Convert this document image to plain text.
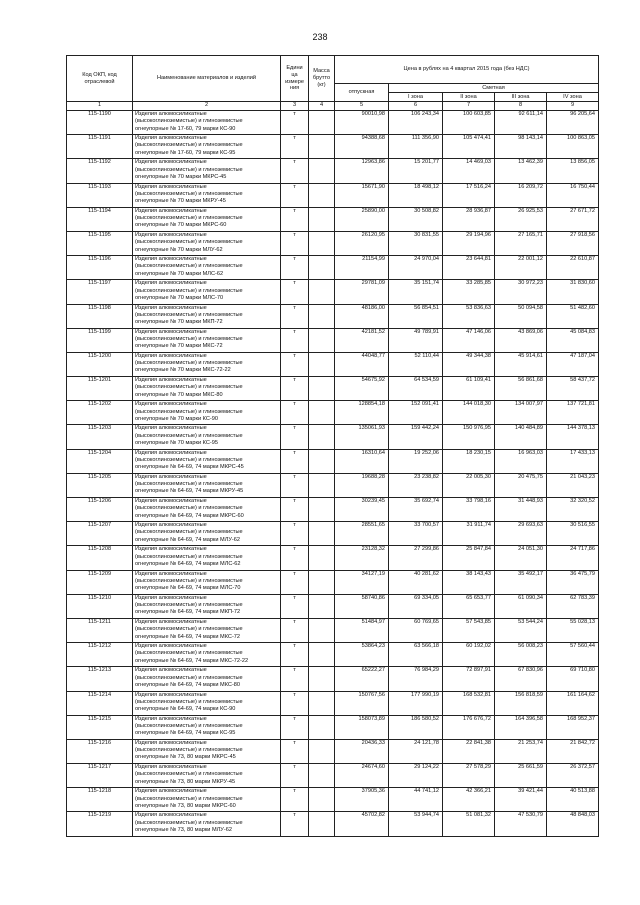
238
Код ОКП, код отраслевой	Наименование материалов и изделий	Едини ца измере ния	Масса брутто (кг)	Цена в рублях на 4 квартал 2015 года (без НДС)				
				отпускная	Сметная			
					I зона	II зона	III зона	IV зона
1	2	3	4	5	6	7	8	9
115-1190	Изделия алюмосиликатные
(высокоглиноземистые) и глиноземистые
огнеупорные № 17-60, 79 марки КС-90	т		90010,98	106 243,34	100 603,85	92 611,14	96 205,64
115-1191	Изделия алюмосиликатные
(высокоглиноземистые) и глиноземистые
огнеупорные № 17-60, 79 марки КС-95	т		94388,68	111 356,90	105 474,41	98 143,14	100 863,05
115-1192	Изделия алюмосиликатные
(высокоглиноземистые) и глиноземистые
огнеупорные № 70 марки МКРС-45	т		12963,86	15 201,77	14 469,03	13 462,39	13 856,05
115-1193	Изделия алюмосиликатные
(высокоглиноземистые) и глиноземистые
огнеупорные № 70 марки МКРУ-45	т		15671,90	18 498,12	17 516,24	16 209,72	16 750,44
115-1194	Изделия алюмосиликатные
(высокоглиноземистые) и глиноземистые
огнеупорные № 70 марки МКРС-60	т		25890,00	30 508,82	28 936,87	26 925,53	27 671,72
115-1195	Изделия алюмосиликатные
(высокоглиноземистые) и глиноземистые
огнеупорные № 70 марки МЛУ-62	т		26120,95	30 831,55	29 194,96	27 165,71	27 918,56
115-1196	Изделия алюмосиликатные
(высокоглиноземистые) и глиноземистые
огнеупорные № 70 марки МЛС-62	т		21154,99	24 970,04	23 644,81	22 001,12	22 610,87
115-1197	Изделия алюмосиликатные
(высокоглиноземистые) и глиноземистые
огнеупорные № 70 марки МЛС-70	т		29781,09	35 151,74	33 285,85	30 972,23	31 830,60
115-1198	Изделия алюмосиликатные
(высокоглиноземистые) и глиноземистые
огнеупорные № 70 марки МКП-72	т		48186,00	56 854,51	53 836,63	50 094,58	51 482,60
115-1199	Изделия алюмосиликатные
(высокоглиноземистые) и глиноземистые
огнеупорные № 70 марки МКС-72	т		42181,52	49 789,91	47 146,06	43 869,06	45 084,83
115-1200	Изделия алюмосиликатные
(высокоглиноземистые) и глиноземистые
огнеупорные № 70 марки МКС-72-22	т		44048,77	52 110,44	49 344,38	45 914,61	47 187,04
115-1201	Изделия алюмосиликатные
(высокоглиноземистые) и глиноземистые
огнеупорные № 70 марки МКС-80	т		54675,92	64 534,59	61 109,41	56 861,68	58 437,72
115-1202	Изделия алюмосиликатные
(высокоглиноземистые) и глиноземистые
огнеупорные № 70 марки КС-90	т		128854,18	152 091,41	144 018,30	134 007,97	137 721,81
115-1203	Изделия алюмосиликатные
(высокоглиноземистые) и глиноземистые
огнеупорные № 70 марки КС-95	т		135061,93	159 442,24	150 976,95	140 484,89	144 378,13
115-1204	Изделия алюмосиликатные
(высокоглиноземистые) и глиноземистые
огнеупорные № 64-69, 74 марки МКРС-45	т		16310,64	19 252,06	18 230,15	16 963,03	17 433,13
115-1205	Изделия алюмосиликатные
(высокоглиноземистые) и глиноземистые
огнеупорные № 64-69, 74 марки МКРУ-45	т		19688,28	23 238,82	22 005,30	20 475,75	21 043,23
115-1206	Изделия алюмосиликатные
(высокоглиноземистые) и глиноземистые
огнеупорные № 64-69, 74 марки МКРС-60	т		30239,45	35 692,74	33 798,16	31 448,93	32 320,52
115-1207	Изделия алюмосиликатные
(высокоглиноземистые) и глиноземистые
огнеупорные № 64-69, 74 марки МЛУ-62	т		28551,65	33 700,57	31 911,74	29 693,63	30 516,55
115-1208	Изделия алюмосиликатные
(высокоглиноземистые) и глиноземистые
огнеупорные № 64-69, 74 марки МЛС-62	т		23128,32	27 299,86	25 847,84	24 051,30	24 717,86
115-1209	Изделия алюмосиликатные
(высокоглиноземистые) и глиноземистые
огнеупорные № 64-69, 74 марки МЛС-70	т		34127,19	40 281,62	38 143,43	35 492,17	36 475,79
115-1210	Изделия алюмосиликатные
(высокоглиноземистые) и глиноземистые
огнеупорные № 64-69, 74 марки МКП-72	т		58740,86	69 334,05	65 653,77	61 090,34	62 783,39
115-1211	Изделия алюмосиликатные
(высокоглиноземистые) и глиноземистые
огнеупорные № 64-69, 74 марки МКС-72	т		51484,97	60 769,65	57 543,85	53 544,24	55 028,13
115-1212	Изделия алюмосиликатные
(высокоглиноземистые) и глиноземистые
огнеупорные № 64-69, 74 марки МКС-72-22	т		53864,23	63 566,18	60 192,02	56 008,23	57 560,44
115-1213	Изделия алюмосиликатные
(высокоглиноземистые) и глиноземистые
огнеупорные № 64-69, 74 марки МКС-80	т		65222,27	76 984,29	72 897,91	67 830,96	69 710,80
115-1214	Изделия алюмосиликатные
(высокоглиноземистые) и глиноземистые
огнеупорные № 64-69, 74 марки КС-90	т		150767,56	177 990,19	168 532,81	156 818,59	161 164,62
115-1215	Изделия алюмосиликатные
(высокоглиноземистые) и глиноземистые
огнеупорные № 64-69, 74 марки КС-95	т		158073,89	186 580,52	176 676,72	164 396,58	168 952,37
115-1216	Изделия алюмосиликатные
(высокоглиноземистые) и глиноземистые
огнеупорные № 73, 80 марки МКРС-45	т		20436,33	24 121,78	22 841,38	21 253,74	21 842,72
115-1217	Изделия алюмосиликатные
(высокоглиноземистые) и глиноземистые
огнеупорные № 73, 80 марки МКРУ-45	т		24674,60	29 124,22	27 578,29	25 661,59	26 372,57
115-1218	Изделия алюмосиликатные
(высокоглиноземистые) и глиноземистые
огнеупорные № 73, 80 марки МКРС-60	т		37905,36	44 741,12	42 366,21	39 421,44	40 513,88
115-1219	Изделия алюмосиликатные
(высокоглиноземистые) и глиноземистые
огнеупорные № 73, 80 марки МЛУ-62	т		45702,82	53 944,74	51 081,32	47 530,79	48 848,03
